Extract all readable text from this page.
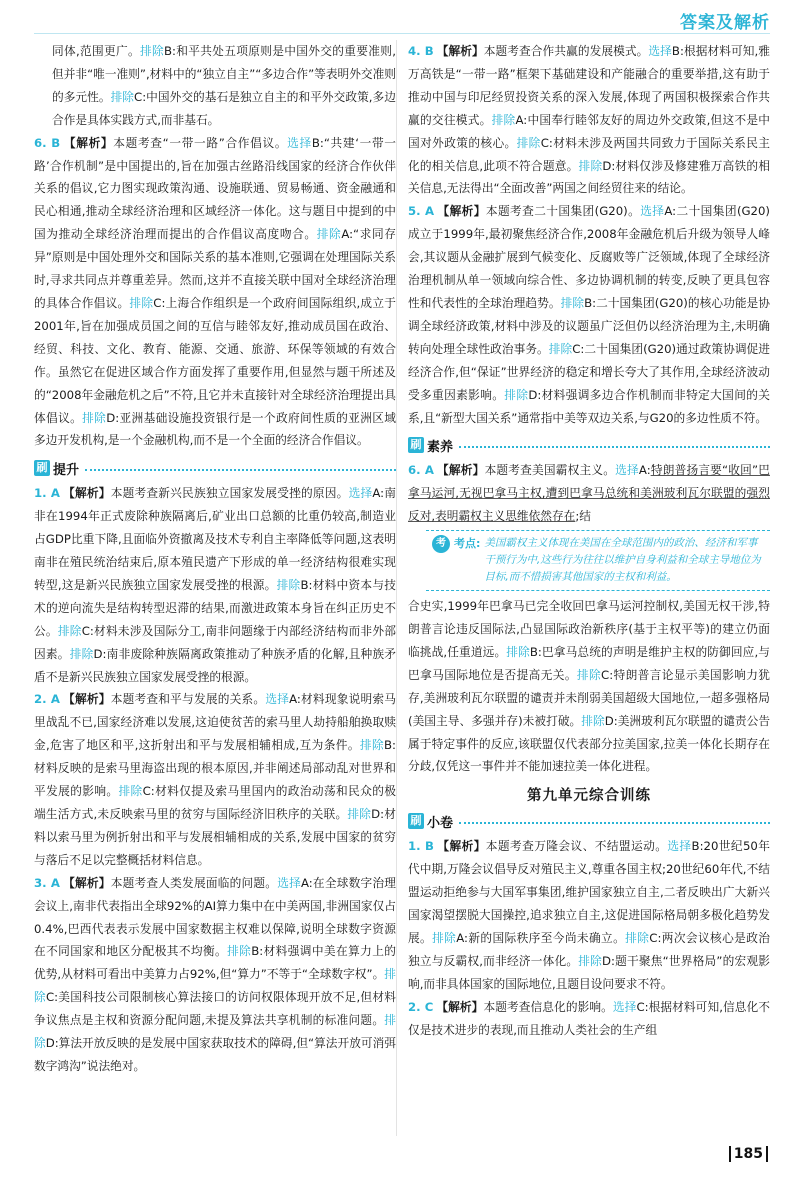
答案及解析

同体,范围更广。排除B:和平共处五项原则是中国外交的重要准则,但并非“唯一准则”,材料中的“独立自主”“多边合作”等表明外交准则的多元性。排除C:中国外交的基石是独立自主的和平外交政策,多边合作是具体实践方式,而非基石。

6. B 【解析】本题考查“一带一路”合作倡议。选择B:“共建‘一带一路’合作机制”是中国提出的,旨在加强古丝路沿线国家的经济合作伙伴关系的倡议,它力图实现政策沟通、设施联通、贸易畅通、资金融通和民心相通,推动全球经济治理和区域经济一体化。这与题目中提到的中国为推动全球经济治理而提出的合作倡议高度吻合。排除A:“求同存异”原则是中国处理外交和国际关系的基本准则,它强调在处理国际关系时,寻求共同点并尊重差异。然而,这并不直接关联中国对全球经济治理的具体合作倡议。排除C:上海合作组织是一个政府间国际组织,成立于2001年,旨在加强成员国之间的互信与睦邻友好,推动成员国在政治、经贸、科技、文化、教育、能源、交通、旅游、环保等领域的有效合作。虽然它在促进区域合作方面发挥了重要作用,但显然与题干所述及的“2008年金融危机之后”不符,且它并未直接针对全球经济治理提出具体倡议。排除D:亚洲基础设施投资银行是一个政府间性质的亚洲区域多边开发机构,是一个金融机构,而不是一个全面的经济合作倡议。

刷 提升

1. A 【解析】本题考查新兴民族独立国家发展受挫的原因。选择A:南非在1994年正式废除种族隔离后,矿业出口总额的比重仍较高,制造业占GDP比重下降,且面临外资撤离及技术专利自主率降低等问题,这表明南非在殖民统治结束后,原本殖民遗产下形成的单一经济结构很难实现转型,这是新兴民族独立国家发展受挫的根源。排除B:材料中资本与技术的逆向流失是结构转型迟滞的结果,而激进政策本身旨在纠正历史不公。排除C:材料未涉及国际分工,南非问题缘于内部经济结构而非外部因素。排除D:南非废除种族隔离政策推动了种族矛盾的化解,且种族矛盾不是新兴民族独立国家发展受挫的根源。

2. A 【解析】本题考查和平与发展的关系。选择A:材料现象说明索马里战乱不已,国家经济难以发展,这迫使贫苦的索马里人劫持船舶换取赎金,危害了地区和平,这折射出和平与发展相辅相成,互为条件。排除B:材料反映的是索马里海盗出现的根本原因,并非阐述局部动乱对世界和平发展的影响。排除C:材料仅提及索马里国内的政治动荡和民众的极端生活方式,未反映索马里的贫穷与国际经济旧秩序的关联。排除D:材料以索马里为例折射出和平与发展相辅相成的关系,发展中国家的贫穷与落后不足以完整概括材料信息。

3. A 【解析】本题考查人类发展面临的问题。选择A:在全球数字治理会议上,南非代表指出全球92%的AI算力集中在中美两国,非洲国家仅占0.4%,巴西代表表示发展中国家数据主权难以保障,说明全球数字资源在不同国家和地区分配极其不均衡。排除B:材料强调中美在算力上的优势,从材料可看出中美算力占92%,但“算力”不等于“全球数字权”。排除C:美国科技公司限制核心算法接口的访问权限体现开放不足,但材料争议焦点是主权和资源分配问题,未提及算法共享机制的标准问题。排除D:算法开放反映的是发展中国家获取技术的障碍,但“算法开放可消弭数字鸿沟”说法绝对。

4. B 【解析】本题考查合作共赢的发展模式。选择B:根据材料可知,雅万高铁是“一带一路”框架下基础建设和产能融合的重要举措,这有助于推动中国与印尼经贸投资关系的深入发展,体现了两国积极探索合作共赢的交往模式。排除A:中国奉行睦邻友好的周边外交政策,但这不是中国对外政策的核心。排除C:材料未涉及两国共同致力于国际关系民主化的相关信息,此项不符合题意。排除D:材料仅涉及修建雅万高铁的相关信息,无法得出“全面改善”两国之间经贸往来的结论。

5. A 【解析】本题考查二十国集团(G20)。选择A:二十国集团(G20)成立于1999年,最初聚焦经济合作,2008年金融危机后升级为领导人峰会,其议题从金融扩展到气候变化、反腐败等广泛领域,体现了全球经济治理机制从单一领域向综合性、多边协调机制的转变,反映了更具包容性和代表性的全球治理趋势。排除B:二十国集团(G20)的核心功能是协调全球经济政策,材料中涉及的议题虽广泛但仍以经济治理为主,未明确转向处理全球性政治事务。排除C:二十国集团(G20)通过政策协调促进经济合作,但“保证”世界经济的稳定和增长夸大了其作用,全球经济波动受多重因素影响。排除D:材料强调多边合作机制而非特定大国间的关系,且“新型大国关系”通常指中美等双边关系,与G20的多边性质不符。

刷 素养

6. A 【解析】本题考查美国霸权主义。选择A:特朗普扬言要“收回”巴拿马运河,无视巴拿马主权,遭到巴拿马总统和美洲玻利瓦尔联盟的强烈反对,表明霸权主义思维依然存在;结

考 考点: 美国霸权主义体现在美国在全球范围内的政治、经济和军事干预行为中,这些行为往往以维护自身利益和全球主导地位为目标,而不惜损害其他国家的主权和利益。

合史实,1999年巴拿马已完全收回巴拿马运河控制权,美国无权干涉,特朗普言论违反国际法,凸显国际政治新秩序(基于主权平等)的建立仍面临挑战,任重道远。排除B:巴拿马总统的声明是维护主权的防御回应,与巴拿马国际地位是否提高无关。排除C:特朗普言论显示美国影响力犹存,美洲玻利瓦尔联盟的谴责并未削弱美国超级大国地位,一超多强格局(美国主导、多强并存)未被打破。排除D:美洲玻利瓦尔联盟的谴责公告属于特定事件的反应,该联盟仅代表部分拉美国家,拉美一体化长期存在分歧,仅凭这一事件并不能加速拉美一体化进程。

第九单元综合训练
刷 小卷

1. B 【解析】本题考查万隆会议、不结盟运动。选择B:20世纪50年代中期,万隆会议倡导反对殖民主义,尊重各国主权;20世纪60年代,不结盟运动拒绝参与大国军事集团,维护国家独立自主,二者反映出广大新兴国家渴望摆脱大国操控,追求独立自主,这促进国际格局朝多极化趋势发展。排除A:新的国际秩序至今尚未确立。排除C:两次会议核心是政治独立与反霸权,而非经济一体化。排除D:题干聚焦“世界格局”的宏观影响,而非具体国家的国际地位,且题目设问要求不符。

2. C 【解析】本题考查信息化的影响。选择C:根据材料可知,信息化不仅是技术进步的表现,而且推动人类社会的生产组

185
